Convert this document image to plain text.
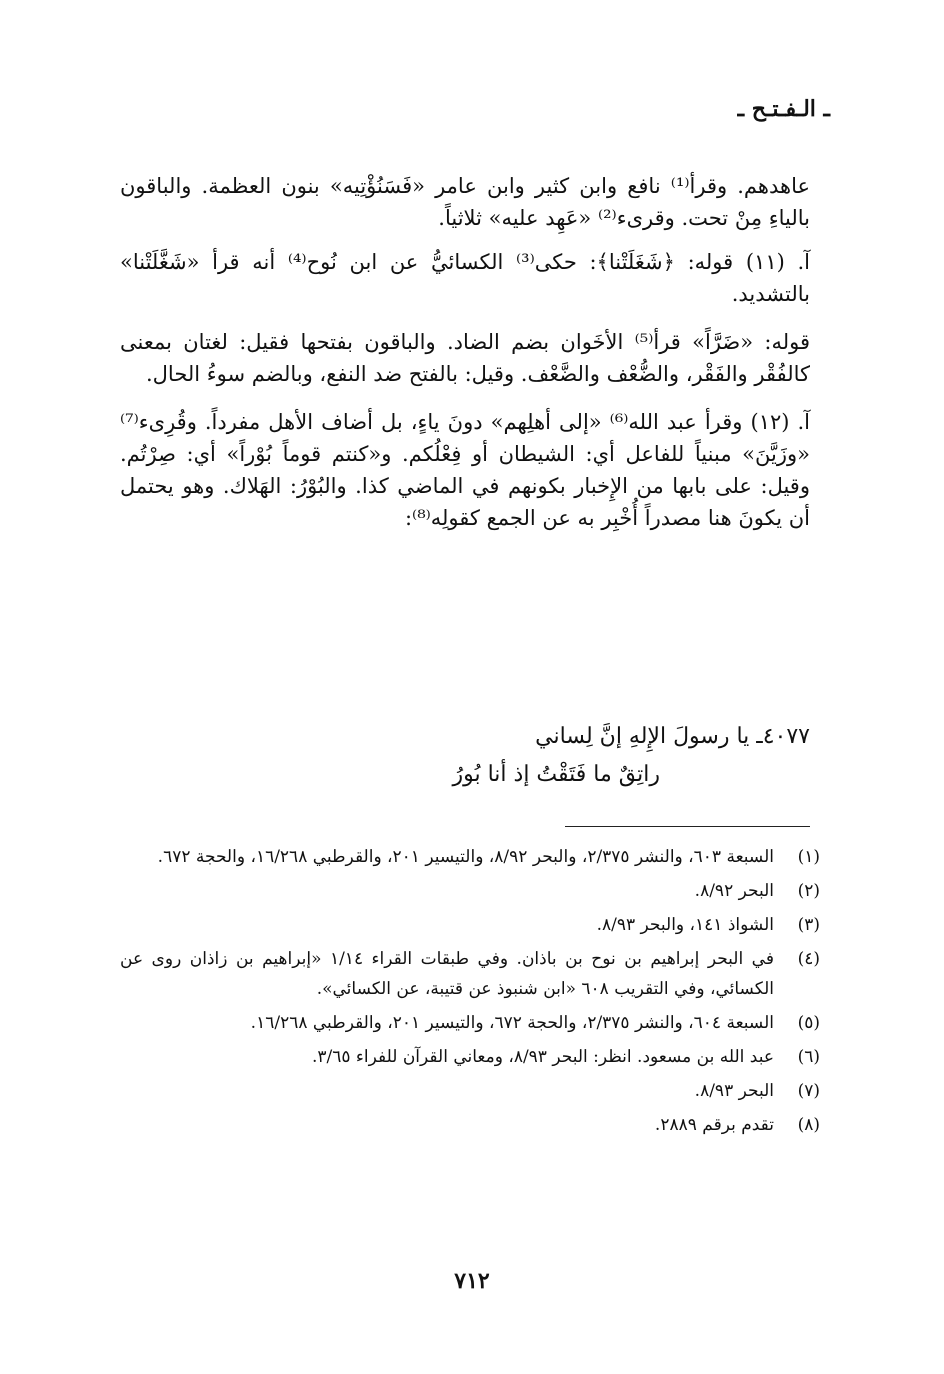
ـ الـفـتـح ـ

عاهدهم. وقرأ⁽¹⁾ نافع وابن كثير وابن عامر «فَسَنُؤْتِيه» بنون العظمة. والباقون بالياءِ مِنْ تحت. وقرىء⁽²⁾ «عَهِد عليه» ثلاثياً.

آ. (١١) قوله: ﴿شَغَلَتْنا﴾: حكى⁽³⁾ الكسائيُّ عن ابن نُوح⁽⁴⁾ أنه قرأ «شَغَّلَتْنا» بالتشديد.

قوله: «ضَرَّاً» قرأ⁽⁵⁾ الأخَوان بضم الضاد. والباقون بفتحها فقيل: لغتان بمعنى كالفُقْر والفَقْر، والضُّعْف والضَّعْف. وقيل: بالفتح ضد النفع، وبالضم سوءُ الحال.

آ. (١٢) وقرأ عبد الله⁽⁶⁾ «إلى أهلِهم» دونَ ياءٍ، بل أضاف الأهل مفرداً. وقُرِىء⁽⁷⁾ «وزَيَّنَ» مبنياً للفاعل أي: الشيطان أو فِعْلُكم. و«كنتم قوماً بُوْراً» أي: صِرْتُم. وقيل: على بابها من الإِخبار بكونهم في الماضي كذا. والبُوْرُ: الهَلاك. وهو يحتمل أن يكونَ هنا مصدراً أُخْبِر به عن الجمع كقولِه⁽⁸⁾:

٤٠٧٧ـ يا رسولَ الإِلهِ إنَّ لِساني
راتِقٌ ما فَتَقْتُ إذ أنا بُورُ
(١)
السبعة ٦٠٣، والنشر ٢/٣٧٥، والبحر ٨/٩٢، والتيسير ٢٠١، والقرطبي ١٦/٢٦٨، والحجة ٦٧٢.
(٢)
البحر ٨/٩٢.
(٣)
الشواذ ١٤١، والبحر ٨/٩٣.
(٤)
في البحر إبراهيم بن نوح بن باذان. وفي طبقات القراء ١/١٤ «إبراهيم بن زاذان روى عن الكسائي، وفي التقريب ٦٠٨ «ابن شنبوذ عن قتيبة، عن الكسائي».
(٥)
السبعة ٦٠٤، والنشر ٢/٣٧٥، والحجة ٦٧٢، والتيسير ٢٠١، والقرطبي ١٦/٢٦٨.
(٦)
عبد الله بن مسعود. انظر: البحر ٨/٩٣، ومعاني القرآن للفراء ٣/٦٥.
(٧)
البحر ٨/٩٣.
(٨)
تقدم برقم ٢٨٨٩.
٧١٢
